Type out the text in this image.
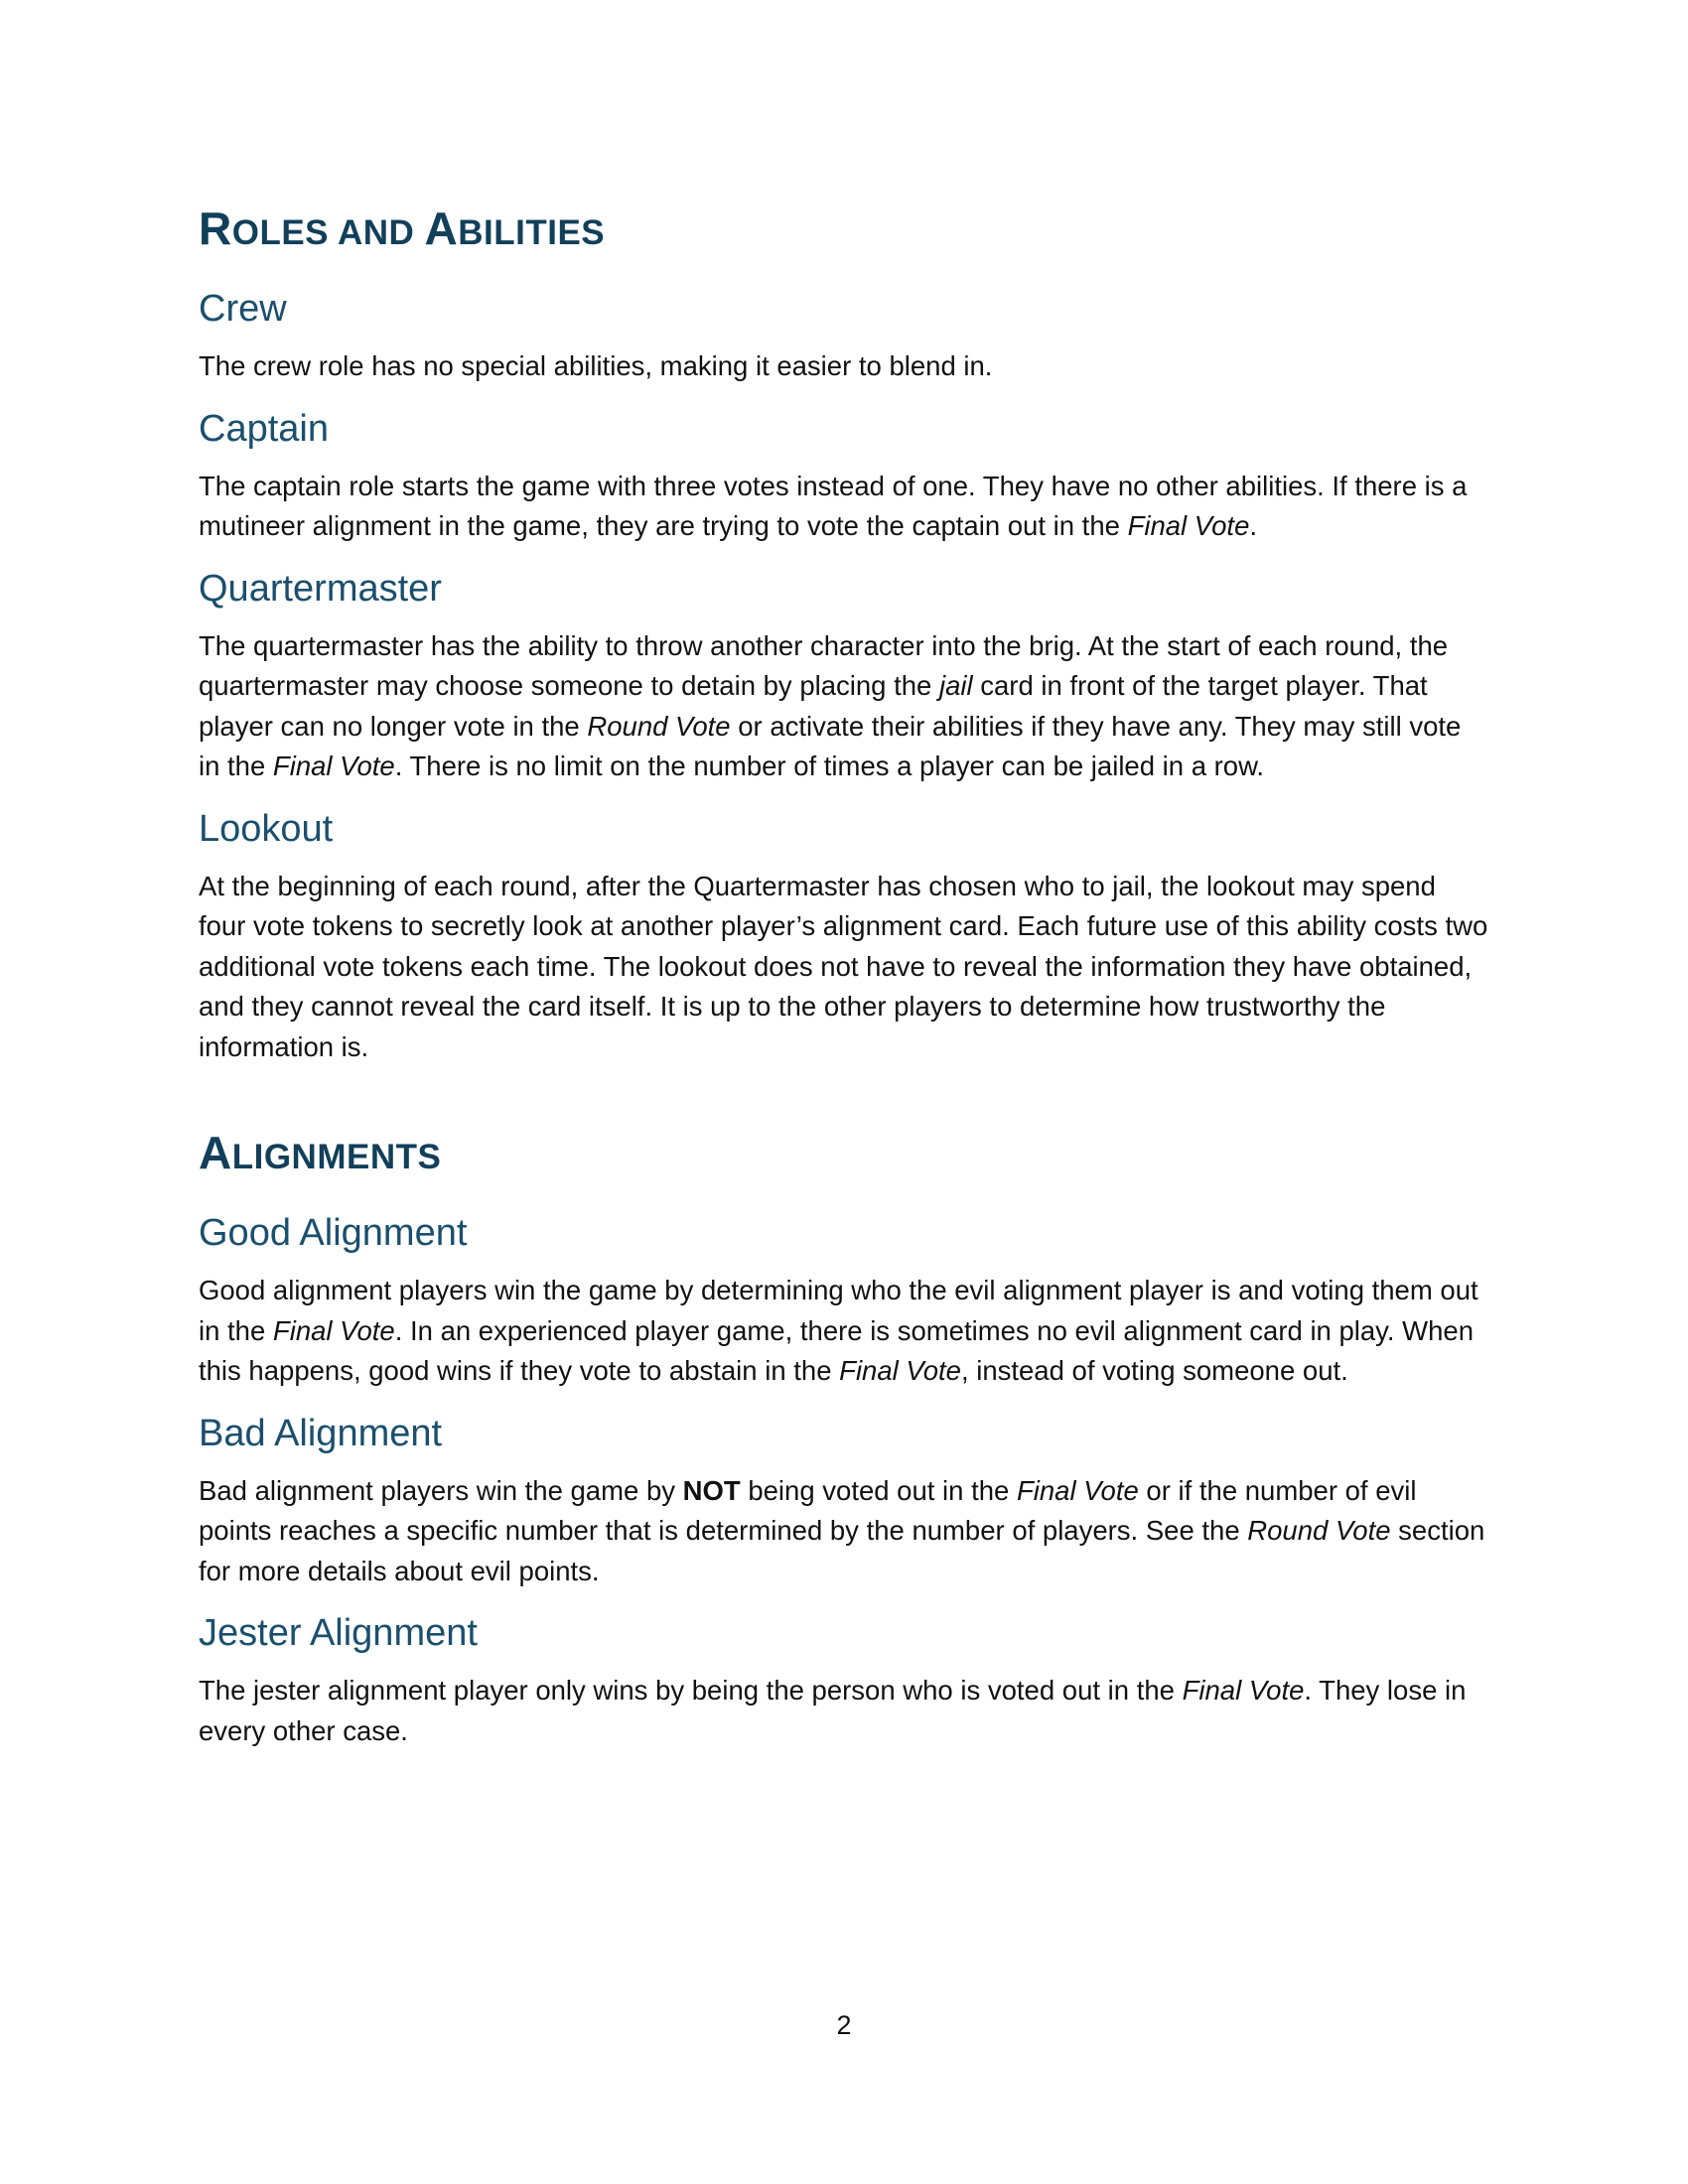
ROLES AND ABILITIES
Crew

The crew role has no special abilities, making it easier to blend in.

Captain

The captain role starts the game with three votes instead of one. They have no other abilities. If there is a mutineer alignment in the game, they are trying to vote the captain out in the Final Vote.

Quartermaster

The quartermaster has the ability to throw another character into the brig. At the start of each round, the quartermaster may choose someone to detain by placing the jail card in front of the target player. That player can no longer vote in the Round Vote or activate their abilities if they have any. They may still vote in the Final Vote. There is no limit on the number of times a player can be jailed in a row.

Lookout

At the beginning of each round, after the Quartermaster has chosen who to jail, the lookout may spend four vote tokens to secretly look at another player’s alignment card. Each future use of this ability costs two additional vote tokens each time. The lookout does not have to reveal the information they have obtained, and they cannot reveal the card itself. It is up to the other players to determine how trustworthy the information is.

ALIGNMENTS
Good Alignment

Good alignment players win the game by determining who the evil alignment player is and voting them out in the Final Vote. In an experienced player game, there is sometimes no evil alignment card in play. When this happens, good wins if they vote to abstain in the Final Vote, instead of voting someone out.

Bad Alignment

Bad alignment players win the game by NOT being voted out in the Final Vote or if the number of evil points reaches a specific number that is determined by the number of players. See the Round Vote section for more details about evil points.

Jester Alignment

The jester alignment player only wins by being the person who is voted out in the Final Vote. They lose in every other case.

2
